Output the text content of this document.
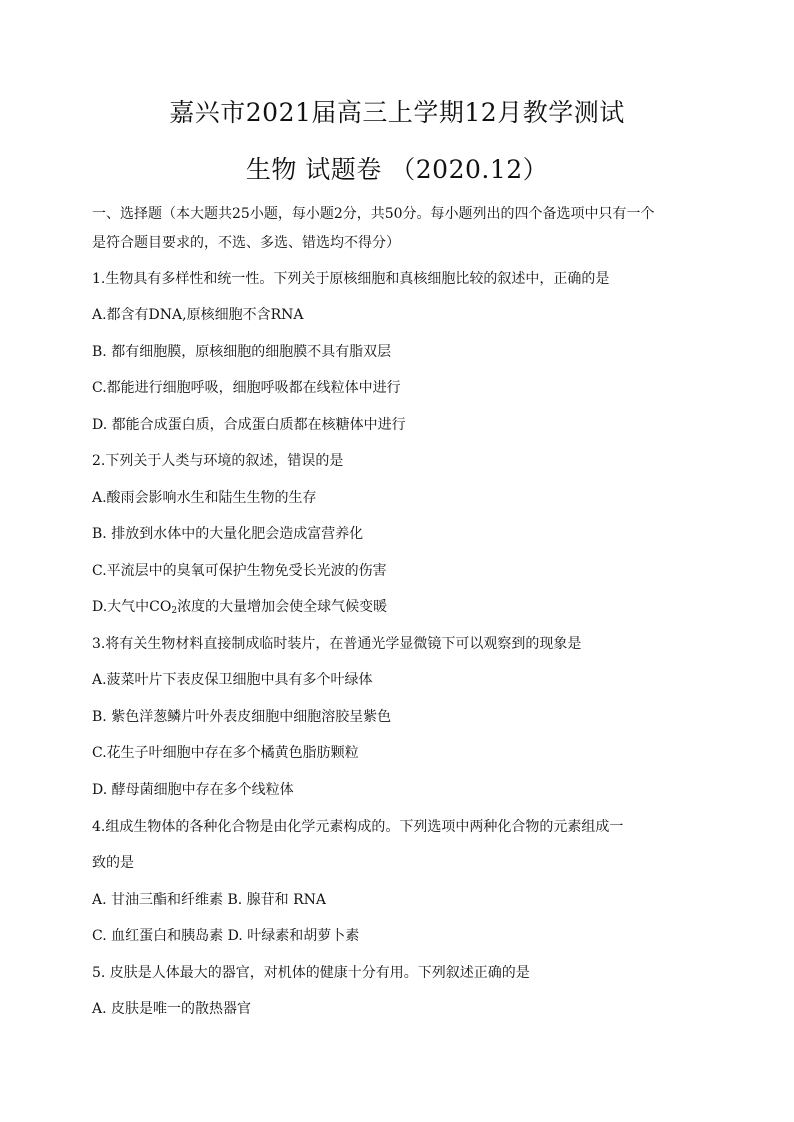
嘉兴市2021届高三上学期12月教学测试
生物 试题卷 （2020.12）
一、选择题（本大题共25小题，每小题2分，共50分。每小题列出的四个备选项中只有一个
是符合题目要求的，不选、多选、错选均不得分）
1.生物具有多样性和统一性。下列关于原核细胞和真核细胞比较的叙述中，正确的是
A.都含有DNA,原核细胞不含RNA
B. 都有细胞膜，原核细胞的细胞膜不具有脂双层
C.都能进行细胞呼吸，细胞呼吸都在线粒体中进行
D. 都能合成蛋白质，合成蛋白质都在核糖体中进行
2.下列关于人类与环境的叙述，错误的是
A.酸雨会影响水生和陆生生物的生存
B. 排放到水体中的大量化肥会造成富营养化
C.平流层中的臭氧可保护生物免受长光波的伤害
D.大气中$CO_2$浓度的大量增加会使全球气候变暖
3.将有关生物材料直接制成临时装片，在普通光学显微镜下可以观察到的现象是
A.菠菜叶片下表皮保卫细胞中具有多个叶绿体
B. 紫色洋葱鳞片叶外表皮细胞中细胞溶胶呈紫色
C.花生子叶细胞中存在多个橘黄色脂肪颗粒
D. 酵母菌细胞中存在多个线粒体
4.组成生物体的各种化合物是由化学元素构成的。下列选项中两种化合物的元素组成一
致的是
A. 甘油三酯和纤维素 B. 腺苷和 RNA
C. 血红蛋白和胰岛素 D. 叶绿素和胡萝卜素
5. 皮肤是人体最大的器官，对机体的健康十分有用。下列叙述正确的是
A. 皮肤是唯一的散热器官
